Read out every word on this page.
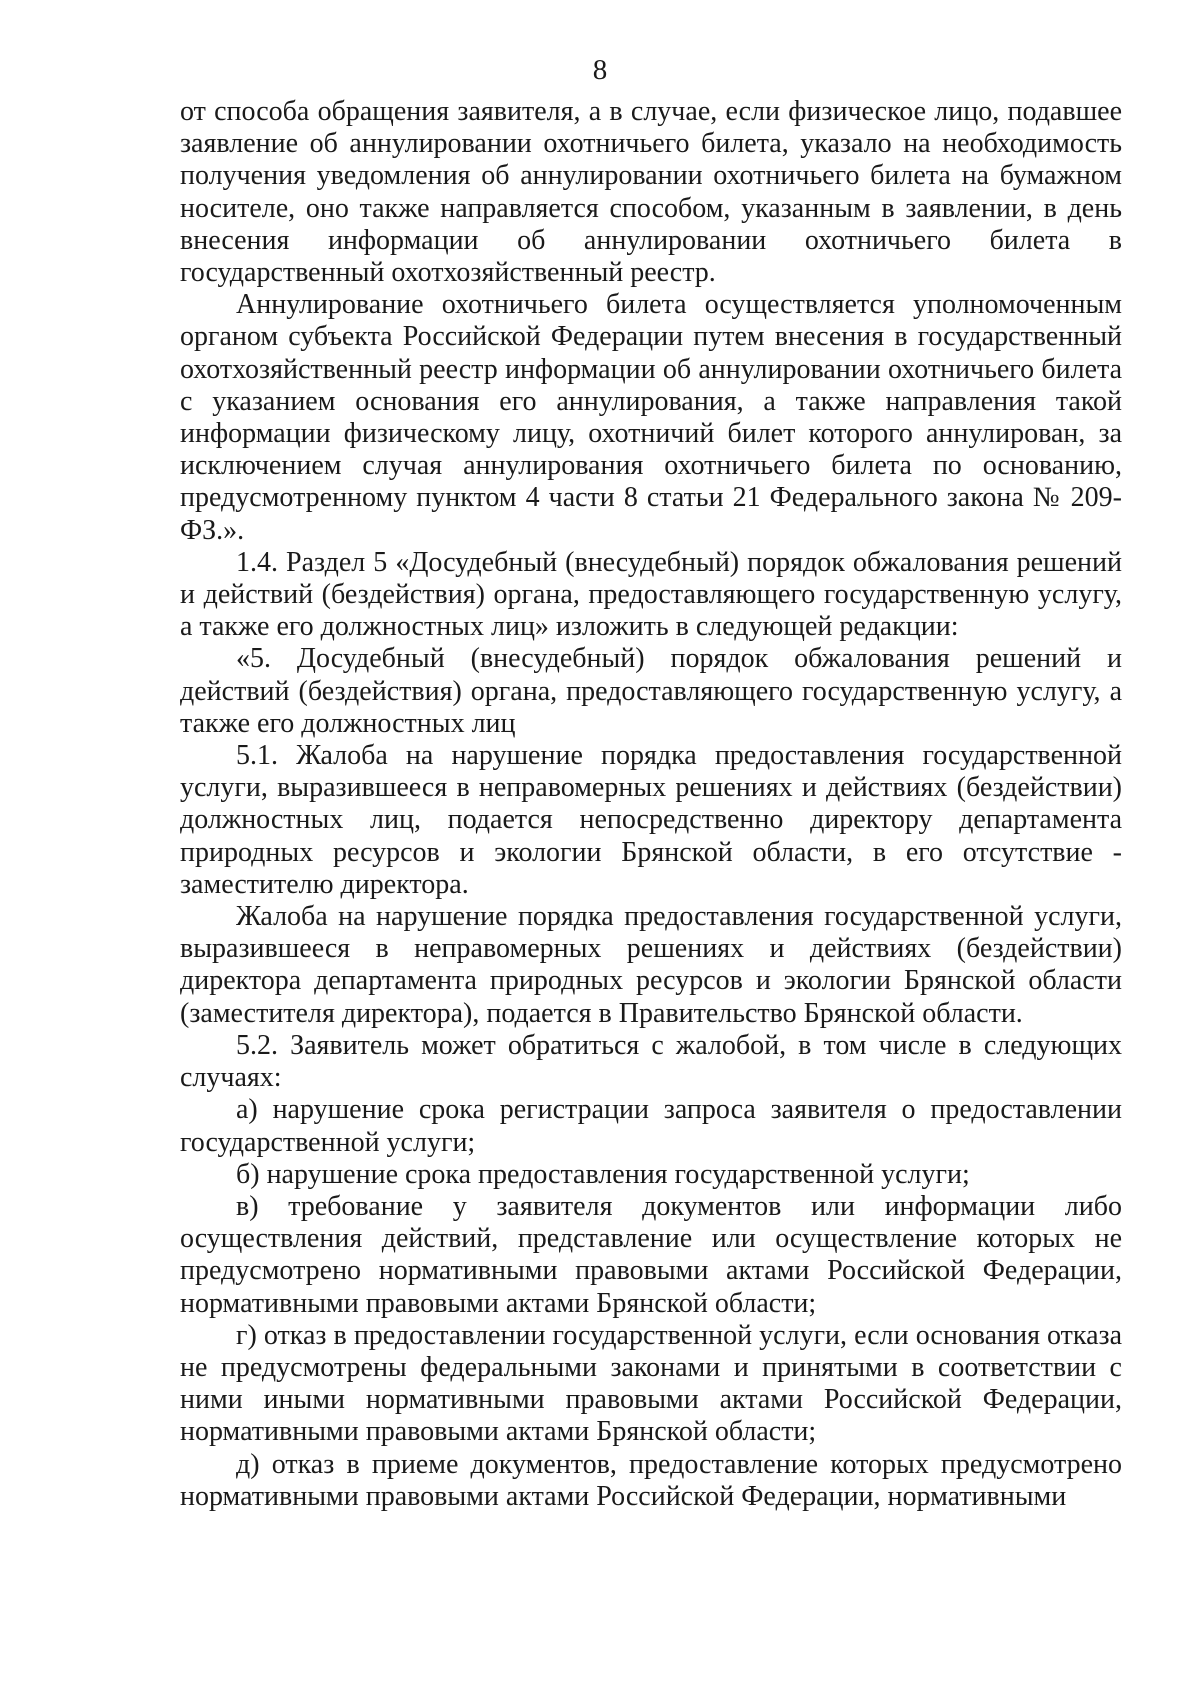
8

от способа обращения заявителя, а в случае, если физическое лицо, подавшее заявление об аннулировании охотничьего билета, указало на необходимость получения уведомления об аннулировании охотничьего билета на бумажном носителе, оно также направляется способом, указанным в заявлении, в день внесения информации об аннулировании охотничьего билета в государственный охотхозяйственный реестр.

Аннулирование охотничьего билета осуществляется уполномоченным органом субъекта Российской Федерации путем внесения в государственный охотхозяйственный реестр информации об аннулировании охотничьего билета с указанием основания его аннулирования, а также направления такой информации физическому лицу, охотничий билет которого аннулирован, за исключением случая аннулирования охотничьего билета по основанию, предусмотренному пунктом 4 части 8 статьи 21 Федерального закона № 209-ФЗ.».

1.4. Раздел 5 «Досудебный (внесудебный) порядок обжалования решений и действий (бездействия) органа, предоставляющего государственную услугу, а также его должностных лиц» изложить в следующей редакции:

«5. Досудебный (внесудебный) порядок обжалования решений и действий (бездействия) органа, предоставляющего государственную услугу, а также его должностных лиц

5.1. Жалоба на нарушение порядка предоставления государственной услуги, выразившееся в неправомерных решениях и действиях (бездействии) должностных лиц, подается непосредственно директору департамента природных ресурсов и экологии Брянской области, в его отсутствие - заместителю директора.

Жалоба на нарушение порядка предоставления государственной услуги, выразившееся в неправомерных решениях и действиях (бездействии) директора департамента природных ресурсов и экологии Брянской области (заместителя директора), подается в Правительство Брянской области.

5.2. Заявитель может обратиться с жалобой, в том числе в следующих случаях:

а) нарушение срока регистрации запроса заявителя о предоставлении государственной услуги;

б) нарушение срока предоставления государственной услуги;

в) требование у заявителя документов или информации либо осуществления действий, представление или осуществление которых не предусмотрено нормативными правовыми актами Российской Федерации, нормативными правовыми актами Брянской области;

г) отказ в предоставлении государственной услуги, если основания отказа не предусмотрены федеральными законами и принятыми в соответствии с ними иными нормативными правовыми актами Российской Федерации, нормативными правовыми актами Брянской области;

д) отказ в приеме документов, предоставление которых предусмотрено нормативными правовыми актами Российской Федерации, нормативными
